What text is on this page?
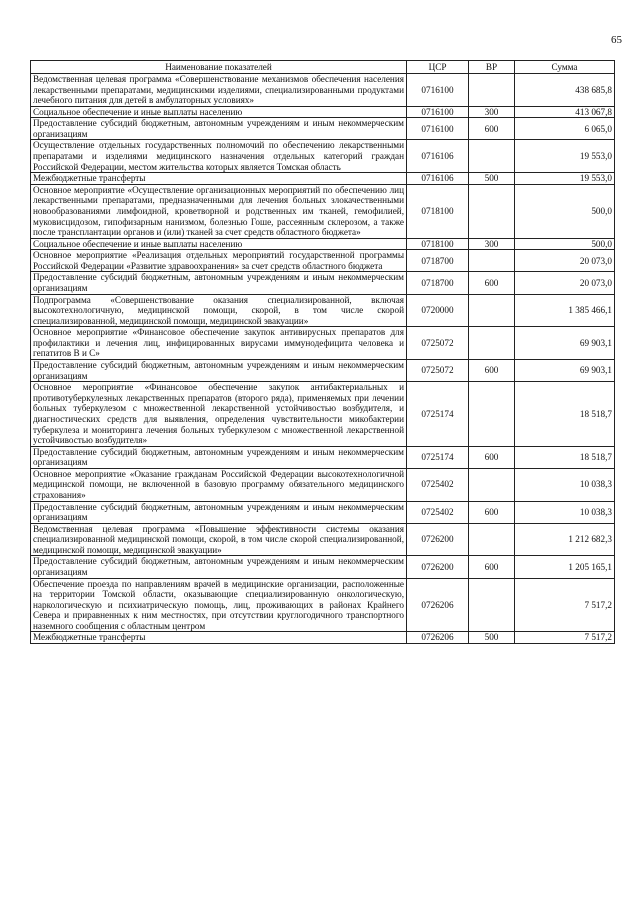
65
Наименование показателей	ЦСР	ВР	Сумма
Ведомственная целевая программа «Совершенствование механизмов обеспечения населения лекарственными препаратами, медицинскими изделиями, специализированными продуктами лечебного питания для детей в амбулаторных условиях»	0716100		438 685,8
Социальное обеспечение и иные выплаты населению	0716100	300	413 067,8
Предоставление субсидий бюджетным, автономным учреждениям и иным некоммерческим организациям	0716100	600	6 065,0
Осуществление отдельных государственных полномочий по обеспечению лекарственными препаратами и изделиями медицинского назначения отдельных категорий граждан Российской Федерации, местом жительства которых является Томская область	0716106		19 553,0
Межбюджетные трансферты	0716106	500	19 553,0
Основное мероприятие «Осуществление организационных мероприятий по обеспечению лиц лекарственными препаратами, предназначенными для лечения больных злокачественными новообразованиями лимфоидной, кроветворной и родственных им тканей, гемофилией, муковисцидозом, гипофизарным нанизмом, болезнью Гоше, рассеянным склерозом, а также после трансплантации органов и (или) тканей за счет средств областного бюджета»	0718100		500,0
Социальное обеспечение и иные выплаты населению	0718100	300	500,0
Основное мероприятие «Реализация отдельных мероприятий государственной программы Российской Федерации «Развитие здравоохранения» за счет средств областного бюджета	0718700		20 073,0
Предоставление субсидий бюджетным, автономным учреждениям и иным некоммерческим организациям	0718700	600	20 073,0
Подпрограмма «Совершенствование оказания специализированной, включая высокотехнологичную, медицинской помощи, скорой, в том числе скорой специализированной, медицинской помощи, медицинской эвакуации»	0720000		1 385 466,1
Основное мероприятие «Финансовое обеспечение закупок антивирусных препаратов для профилактики и лечения лиц, инфицированных вирусами иммунодефицита человека и гепатитов В и С»	0725072		69 903,1
Предоставление субсидий бюджетным, автономным учреждениям и иным некоммерческим организациям	0725072	600	69 903,1
Основное мероприятие «Финансовое обеспечение закупок антибактериальных и противотуберкулезных лекарственных препаратов (второго ряда), применяемых при лечении больных туберкулезом с множественной лекарственной устойчивостью возбудителя, и диагностических средств для выявления, определения чувствительности микобактерии туберкулеза и мониторинга лечения больных туберкулезом с множественной лекарственной устойчивостью возбудителя»	0725174		18 518,7
Предоставление субсидий бюджетным, автономным учреждениям и иным некоммерческим организациям	0725174	600	18 518,7
Основное мероприятие «Оказание гражданам Российской Федерации высокотехнологичной медицинской помощи, не включенной в базовую программу обязательного медицинского страхования»	0725402		10 038,3
Предоставление субсидий бюджетным, автономным учреждениям и иным некоммерческим организациям	0725402	600	10 038,3
Ведомственная целевая программа «Повышение эффективности системы оказания специализированной медицинской помощи, скорой, в том числе скорой специализированной, медицинской помощи, медицинской эвакуации»	0726200		1 212 682,3
Предоставление субсидий бюджетным, автономным учреждениям и иным некоммерческим организациям	0726200	600	1 205 165,1
Обеспечение проезда по направлениям врачей в медицинские организации, расположенные на территории Томской области, оказывающие специализированную онкологическую, наркологическую и психиатрическую помощь, лиц, проживающих в районах Крайнего Севера и приравненных к ним местностях, при отсутствии круглогодичного транспортного наземного сообщения с областным центром	0726206		7 517,2
Межбюджетные трансферты	0726206	500	7 517,2
